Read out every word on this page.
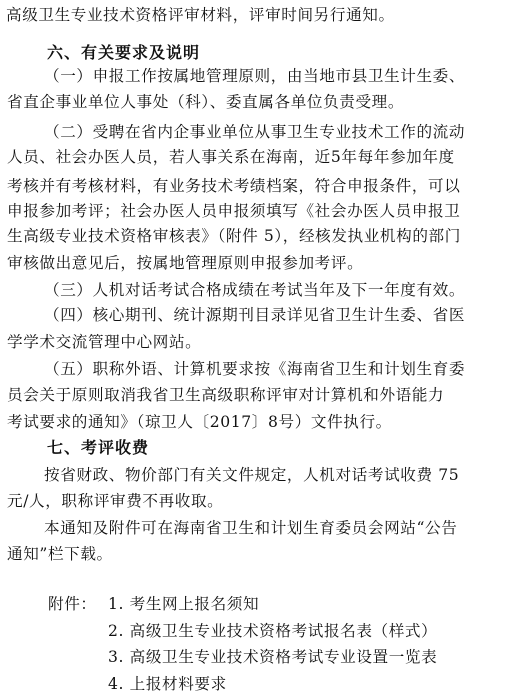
高级卫生专业技术资格评审材料，评审时间另行通知。
六、有关要求及说明
（一）申报工作按属地管理原则，由当地市县卫生计生委、
省直企事业单位人事处（科）、委直属各单位负责受理。
（二）受聘在省内企事业单位从事卫生专业技术工作的流动
人员、社会办医人员，若人事关系在海南，近5年每年参加年度
考核并有考核材料，有业务技术考绩档案，符合申报条件，可以
申报参加考评；社会办医人员申报须填写《社会办医人员申报卫
生高级专业技术资格审核表》（附件 5），经核发执业机构的部门
审核做出意见后，按属地管理原则申报参加考评。
（三）人机对话考试合格成绩在考试当年及下一年度有效。
（四）核心期刊、统计源期刊目录详见省卫生计生委、省医
学学术交流管理中心网站。
（五）职称外语、计算机要求按《海南省卫生和计划生育委
员会关于原则取消我省卫生高级职称评审对计算机和外语能力
考试要求的通知》（琼卫人〔2017〕8号）文件执行。
七、考评收费
按省财政、物价部门有关文件规定，人机对话考试收费 75
元/人，职称评审费不再收取。
本通知及附件可在海南省卫生和计划生育委员会网站“公告
通知”栏下载。
附件： 1. 考生网上报名须知
2. 高级卫生专业技术资格考试报名表（样式）
3. 高级卫生专业技术资格考试专业设置一览表
4. 上报材料要求
